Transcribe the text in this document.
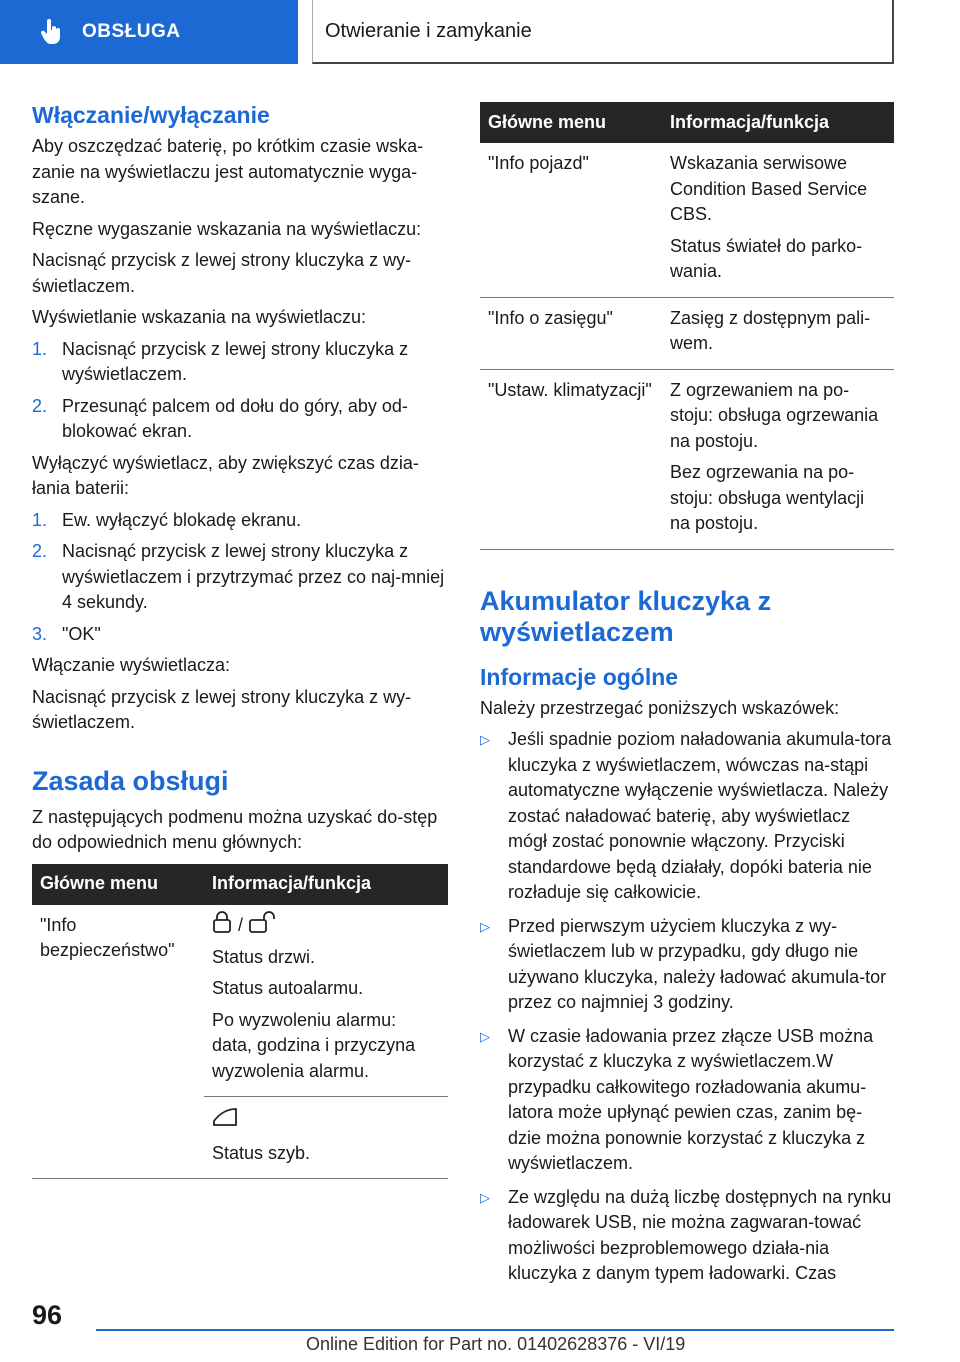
OBSŁUGA	Otwieranie i zamykanie
Włączanie/wyłączanie

Aby oszczędzać baterię, po krótkim czasie wska-zanie na wyświetlaczu jest automatycznie wyga-szane.

Ręczne wygaszanie wskazania na wyświetlaczu:

Nacisnąć przycisk z lewej strony kluczyka z wy-świetlaczem.

Wyświetlanie wskazania na wyświetlaczu:

1. Nacisnąć przycisk z lewej strony kluczyka z wyświetlaczem.
2. Przesunąć palcem od dołu do góry, aby od-blokować ekran.

Wyłączyć wyświetlacz, aby zwiększyć czas dzia-łania baterii:

1. Ew. wyłączyć blokadę ekranu.
2. Nacisnąć przycisk z lewej strony kluczyka z wyświetlaczem i przytrzymać przez co naj-mniej 4 sekundy.
3. "OK"

Włączanie wyświetlacza:

Nacisnąć przycisk z lewej strony kluczyka z wy-świetlaczem.

Zasada obsługi

Z następujących podmenu można uzyskać do-stęp do odpowiednich menu głównych:

Główne menu	Informacja/funkcja
"Info bezpieczeństwo"	/

Status drzwi.

Status autoalarmu.

Po wyzwoleniu alarmu: data, godzina i przyczyna wyzwolenia alarmu.

	Status szyb.

Główne menu	Informacja/funkcja
"Info pojazd"	Wskazania serwisowe Condition Based Service CBS.

Status świateł do parko-wania.

"Info o zasięgu"	Zasięg z dostępnym pali-wem.

"Ustaw. klimatyzacji"	Z ogrzewaniem na po-stoju: obsługa ogrzewania na postoju.

Bez ogrzewania na po-stoju: obsługa wentylacji na postoju.

Akumulator kluczyka z wyświetlaczem
Informacje ogólne

Należy przestrzegać poniższych wskazówek:

▷ Jeśli spadnie poziom naładowania akumula-tora kluczyka z wyświetlaczem, wówczas na-stąpi automatyczne wyłączenie wyświetlacza. Należy zostać naładować baterię, aby wyświetlacz mógł zostać ponownie włączony. Przyciski standardowe będą działały, dopóki bateria nie rozładuje się całkowicie.
▷ Przed pierwszym użyciem kluczyka z wy-świetlaczem lub w przypadku, gdy długo nie używano kluczyka, należy ładować akumula-tor przez co najmniej 3 godziny.
▷ W czasie ładowania przez złącze USB można korzystać z kluczyka z wyświetlaczem.W przypadku całkowitego rozładowania akumu-latora może upłynąć pewien czas, zanim bę-dzie można ponownie korzystać z kluczyka z wyświetlaczem.
▷ Ze względu na dużą liczbę dostępnych na rynku ładowarek USB, nie można zagwaran-tować możliwości bezproblemowego działa-nia kluczyka z danym typem ładowarki. Czas
96
Online Edition for Part no. 01402628376 - VI/19
